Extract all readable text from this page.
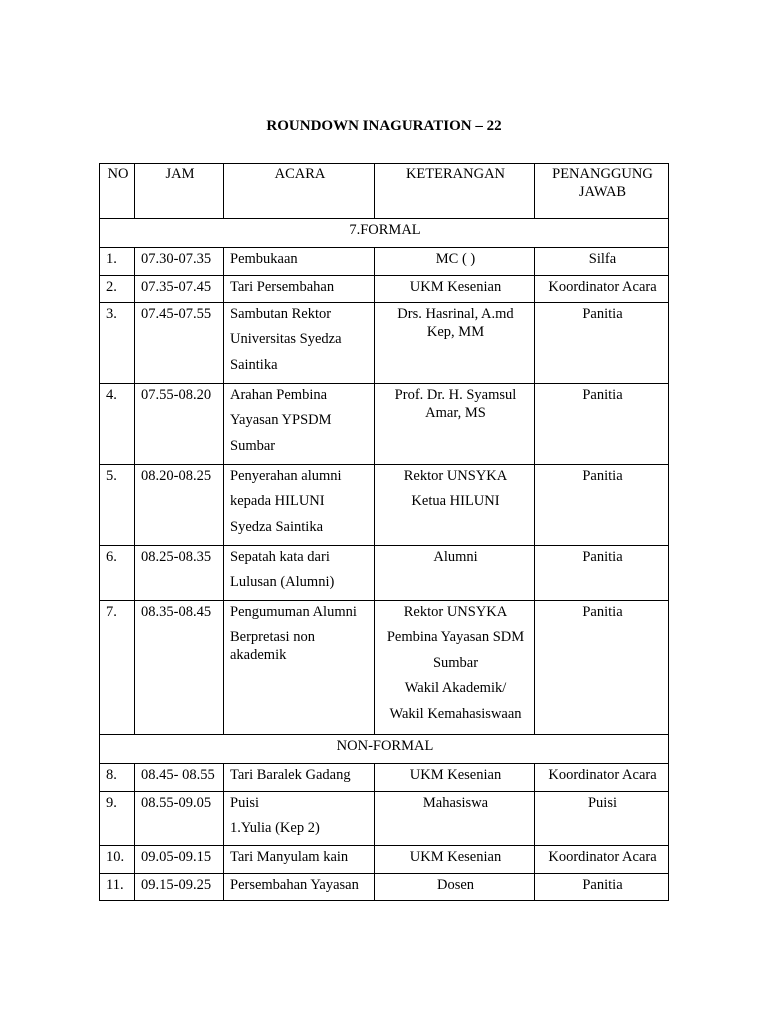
ROUNDOWN INAGURATION – 22
NO	JAM	ACARA	KETERANGAN	PENANGGUNG
JAWAB

7.FORMAL				
1.	07.30-07.35	Pembukaan	MC ( )	Silfa
2.	07.35-07.45	Tari Persembahan	UKM Kesenian	Koordinator Acara
3.	07.45-07.55	Sambutan Rektor
Universitas Syedza
Saintika	Drs. Hasrinal, A.md
Kep, MM	Panitia
4.	07.55-08.20	Arahan Pembina
Yayasan YPSDM
Sumbar	Prof. Dr. H. Syamsul
Amar, MS	Panitia
5.	08.20-08.25	Penyerahan alumni
kepada HILUNI
Syedza Saintika	Rektor UNSYKA
Ketua HILUNI	Panitia
6.	08.25-08.35	Sepatah kata dari
Lulusan (Alumni)	Alumni	Panitia
7.	08.35-08.45	Pengumuman Alumni
Berpretasi non
akademik	Rektor UNSYKA
Pembina Yayasan SDM
Sumbar
Wakil Akademik/
Wakil Kemahasiswaan	Panitia
NON-FORMAL				
8.	08.45- 08.55	Tari Baralek Gadang	UKM Kesenian	Koordinator Acara
9.	08.55-09.05	Puisi
1.Yulia (Kep 2)	Mahasiswa	Puisi
10.	09.05-09.15	Tari Manyulam kain	UKM Kesenian	Koordinator Acara
11.	09.15-09.25	Persembahan Yayasan	Dosen	Panitia
